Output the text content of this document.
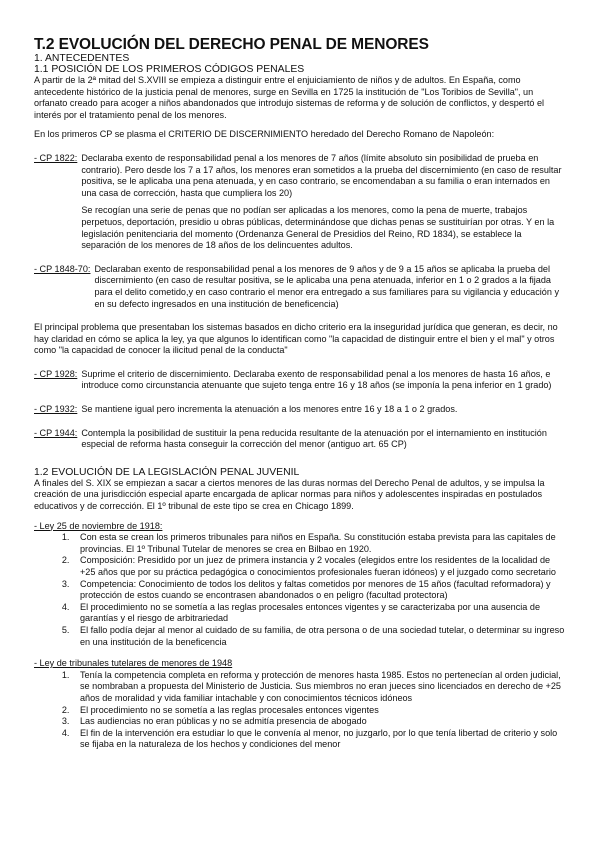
T.2 EVOLUCIÓN DEL DERECHO PENAL DE MENORES
1. ANTECEDENTES
1.1 POSICIÓN DE LOS PRIMEROS CÓDIGOS PENALES

A partir de la 2ª mitad del S.XVIII se empieza a distinguir entre el enjuiciamiento de niños y de adultos. En España, como antecedente histórico de la justicia penal de menores, surge en Sevilla en 1725 la institución de "Los Toribios de Sevilla", un orfanato creado para acoger a niños abandonados que introdujo sistemas de reforma y de solución de conflictos, y despertó el interés por el tratamiento penal de los menores.

En los primeros CP se plasma el CRITERIO DE DISCERNIMIENTO heredado del Derecho Romano de Napoleón:

- CP 1822: Declaraba exento de responsabilidad penal a los menores de 7 años (límite absoluto sin posibilidad de prueba en contrario). Pero desde los 7 a 17 años, los menores eran sometidos a la prueba del discernimiento (en caso de resultar positiva, se le aplicaba una pena atenuada, y en caso contrario, se encomendaban a su familia o eran internados en una casa de corrección, hasta que cumpliera los 20)

Se recogían una serie de penas que no podían ser aplicadas a los menores, como la pena de muerte, trabajos perpetuos, deportación, presidio u obras públicas, determinándose que dichas penas se sustituirían por otras. Y en la legislación penitenciaria del momento (Ordenanza General de Presidios del Reino, RD 1834), se establece la separación de los menores de 18 años de los delincuentes adultos.

- CP 1848-70: Declaraban exento de responsabilidad penal a los menores de 9 años y de 9 a 15 años se aplicaba la prueba del discernimiento (en caso de resultar positiva, se le aplicaba una pena atenuada, inferior en 1 o 2 grados a la fijada para el delito cometido,y en caso contrario el menor era entregado a sus familiares para su vigilancia y educación y en su defecto ingresados en una institución de beneficencia)

El principal problema que presentaban los sistemas basados en dicho criterio era la inseguridad jurídica que generan, es decir, no hay claridad en cómo se aplica la ley, ya que algunos lo identifican como "la capacidad de distinguir entre el bien y el mal" y otros como "la capacidad de conocer la ilicitud penal de la conducta"

- CP 1928: Suprime el criterio de discernimiento. Declaraba exento de responsabilidad penal a los menores de hasta 16 años, e introduce como circunstancia atenuante que sujeto tenga entre 16 y 18 años (se imponía la pena inferior en 1 grado)

- CP 1932: Se mantiene igual pero incrementa la atenuación a los menores entre 16 y 18 a 1 o 2 grados.

- CP 1944: Contempla la posibilidad de sustituir la pena reducida resultante de la atenuación por el internamiento en institución especial de reforma hasta conseguir la corrección del menor (antiguo art. 65 CP)

1.2 EVOLUCIÓN DE LA LEGISLACIÓN PENAL JUVENIL

A finales del S. XIX se empiezan a sacar a ciertos menores de las duras normas del Derecho Penal de adultos, y se impulsa la creación de una jurisdicción especial aparte encargada de aplicar normas para niños y adolescentes inspiradas en postulados educativos y de corrección. El 1º tribunal de este tipo se crea en Chicago 1899.

- Ley 25 de noviembre de 1918:
1. Con esta se crean los primeros tribunales para niños en España. Su constitución estaba prevista para las capitales de provincias. El 1º Tribunal Tutelar de menores se crea en Bilbao en 1920.
2. Composición: Presidido por un juez de primera instancia y 2 vocales (elegidos entre los residentes de la localidad de +25 años que por su práctica pedagógica o conocimientos profesionales fueran idóneos) y el juzgado como secretario
3. Competencia: Conocimiento de todos los delitos y faltas cometidos por menores de 15 años (facultad reformadora) y protección de estos cuando se encontrasen abandonados o en peligro (facultad protectora)
4. El procedimiento no se sometía a las reglas procesales entonces vigentes y se caracterizaba por una ausencia de garantías y el riesgo de arbitrariedad
5. El fallo podía dejar al menor al cuidado de su familia, de otra persona o de una sociedad tutelar, o determinar su ingreso en una institución de la beneficencia
- Ley de tribunales tutelares de menores de 1948
1. Tenía la competencia completa en reforma y protección de menores hasta 1985. Estos no pertenecían al orden judicial, se nombraban a propuesta del Ministerio de Justicia. Sus miembros no eran jueces sino licenciados en derecho de +25 años de moralidad y vida familiar intachable y con conocimientos técnicos idóneos
2. El procedimiento no se sometía a las reglas procesales entonces vigentes
3. Las audiencias no eran públicas y no se admitía presencia de abogado
4. El fin de la intervención era estudiar lo que le convenía al menor, no juzgarlo, por lo que tenía libertad de criterio y solo se fijaba en la naturaleza de los hechos y condiciones del menor
